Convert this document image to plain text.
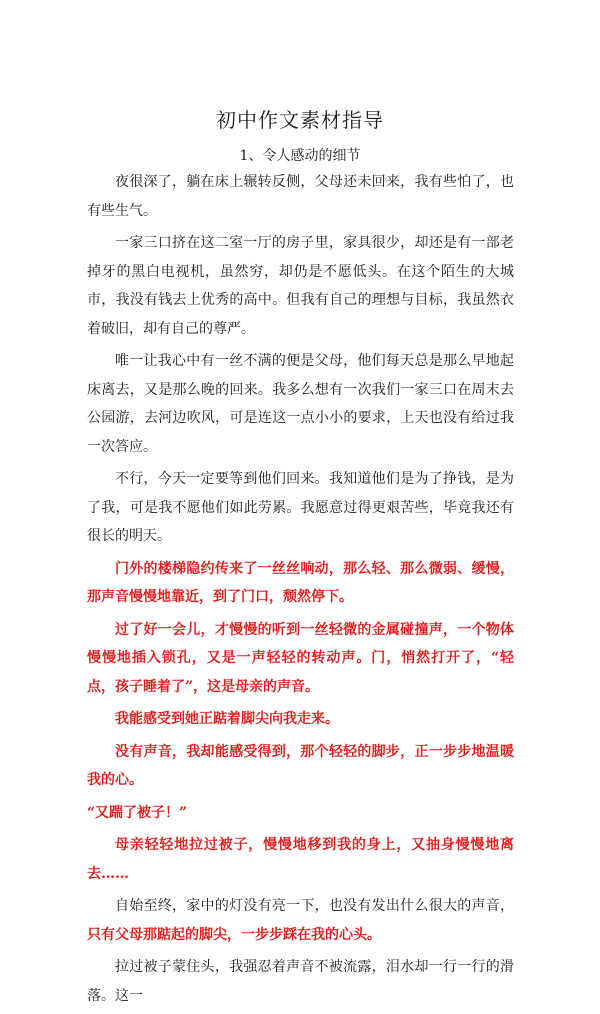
初中作文素材指导
1、令人感动的细节

夜很深了，躺在床上辗转反侧，父母还未回来，我有些怕了，也有些生气。

一家三口挤在这二室一厅的房子里，家具很少，却还是有一部老掉牙的黑白电视机，虽然穷，却仍是不愿低头。在这个陌生的大城市，我没有钱去上优秀的高中。但我有自己的理想与目标，我虽然衣着破旧，却有自己的尊严。

唯一让我心中有一丝不满的便是父母，他们每天总是那么早地起床离去，又是那么晚的回来。我多么想有一次我们一家三口在周末去公园游，去河边吹风，可是连这一点小小的要求，上天也没有给过我一次答应。

不行，今天一定要等到他们回来。我知道他们是为了挣钱，是为了我，可是我不愿他们如此劳累。我愿意过得更艰苦些，毕竟我还有很长的明天。

门外的楼梯隐约传来了一丝丝响动，那么轻、那么微弱、缓慢，那声音慢慢地靠近，到了门口，颓然停下。

过了好一会儿，才慢慢的听到一丝轻微的金属碰撞声，一个物体慢慢地插入锁孔，又是一声轻轻的转动声。门，悄然打开了，“轻点，孩子睡着了”，这是母亲的声音。

我能感受到她正踮着脚尖向我走来。

没有声音，我却能感受得到，那个轻轻的脚步，正一步步地温暖我的心。

“又踹了被子！”

母亲轻轻地拉过被子，慢慢地移到我的身上，又抽身慢慢地离去……

自始至终，家中的灯没有亮一下，也没有发出什么很大的声音，只有父母那踮起的脚尖，一步步踩在我的心头。

拉过被子蒙住头，我强忍着声音不被流露，泪水却一行一行的滑落。这一
